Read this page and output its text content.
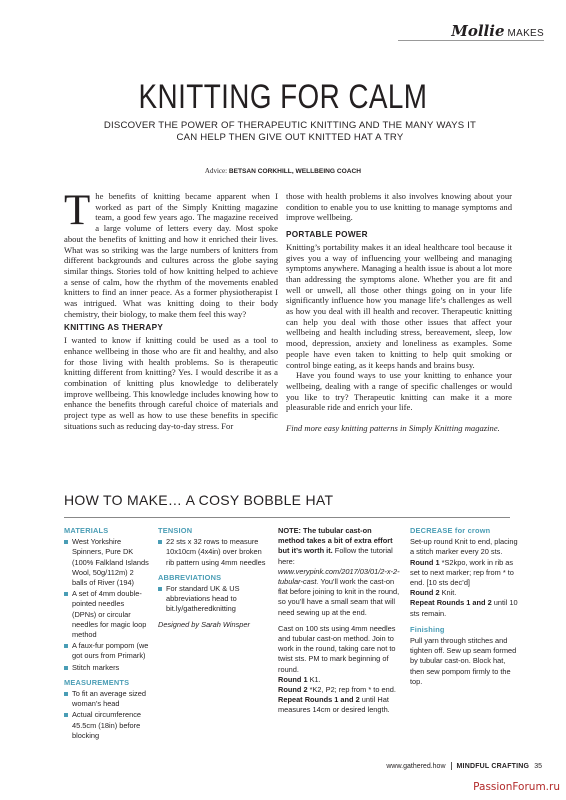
Mollie MAKES
KNITTING FOR CALM
DISCOVER THE POWER OF THERAPEUTIC KNITTING AND THE MANY WAYS IT CAN HELP THEN GIVE OUT KNITTED HAT A TRY
Advice: BETSAN CORKHILL, WELLBEING COACH

The benefits of knitting became apparent when I worked as part of the Simply Knitting magazine team, a good few years ago. The magazine received a large volume of letters every day. Most spoke about the benefits of knitting and how it enriched their lives. What was so striking was the large numbers of knitters from different backgrounds and cultures across the globe saying similar things. Stories told of how knitting helped to achieve a sense of calm, how the rhythm of the movements enabled knitters to find an inner peace. As a former physiotherapist I was intrigued. What was knitting doing to their body chemistry, their biology, to make them feel this way?

KNITTING AS THERAPY

I wanted to know if knitting could be used as a tool to enhance wellbeing in those who are fit and healthy, and also for those living with health problems. So is therapeutic knitting different from knitting? Yes. I would describe it as a combination of knitting plus knowledge to deliberately improve wellbeing. This knowledge includes knowing how to enhance the benefits through careful choice of materials and project type as well as how to use these benefits in specific situations such as reducing day-to-day stress. For

those with health problems it also involves knowing about your condition to enable you to use knitting to manage symptoms and improve wellbeing.

PORTABLE POWER

Knitting’s portability makes it an ideal healthcare tool because it gives you a way of influencing your wellbeing and managing symptoms anywhere. Managing a health issue is about a lot more than addressing the symptoms alone. Whether you are fit and well or unwell, all those other things going on in your life significantly influence how you manage life’s challenges as well as how you deal with ill health and recover. Therapeutic knitting can help you deal with those other issues that affect your wellbeing and health including stress, bereavement, sleep, low mood, depression, anxiety and loneliness as examples. Some people have even taken to knitting to help quit smoking or control binge eating, as it keeps hands and brains busy.

Have you found ways to use your knitting to enhance your wellbeing, dealing with a range of specific challenges or would you like to try? Therapeutic knitting can make it a more pleasurable ride and enrich your life.

Find more easy knitting patterns in Simply Knitting magazine.

HOW TO MAKE… A COSY BOBBLE HAT
MATERIALS
West Yorkshire Spinners, Pure DK (100% Falkland Islands Wool, 50g/112m) 2 balls of River (194)
A set of 4mm double-pointed needles (DPNs) or circular needles for magic loop method
A faux-fur pompom (we got ours from Primark)
Stitch markers
MEASUREMENTS
To fit an average sized woman’s head
Actual circumference 45.5cm (18in) before blocking
TENSION
22 sts x 32 rows to measure 10x10cm (4x4in) over broken rib pattern using 4mm needles
ABBREVIATIONS
For standard UK & US abbreviations head to bit.ly/gatheredknitting

Designed by Sarah Winsper

NOTE: The tubular cast-on method takes a bit of extra effort but it’s worth it. Follow the tutorial here: www.verypink.com/2017/03/01/2-x-2-tubular-cast. You’ll work the cast-on flat before joining to knit in the round, so you’ll have a small seam that will need sewing up at the end.

Cast on 100 sts using 4mm needles and tubular cast-on method. Join to work in the round, taking care not to twist sts. PM to mark beginning of round.

Round 1 K1.

Round 2 *K2, P2; rep from * to end.

Repeat Rounds 1 and 2 until Hat measures 14cm or desired length.

DECREASE for crown

Set-up round Knit to end, placing a stitch marker every 20 sts.

Round 1 *S2kpo, work in rib as set to next marker; rep from * to end. [10 sts dec’d]

Round 2 Knit.

Repeat Rounds 1 and 2 until 10 sts remain.

Finishing

Pull yarn through stitches and tighten off. Sew up seam formed by tubular cast-on. Block hat, then sew pompom firmly to the top.

www.gathered.how MINDFUL CRAFTING 35
PassionForum.ru
